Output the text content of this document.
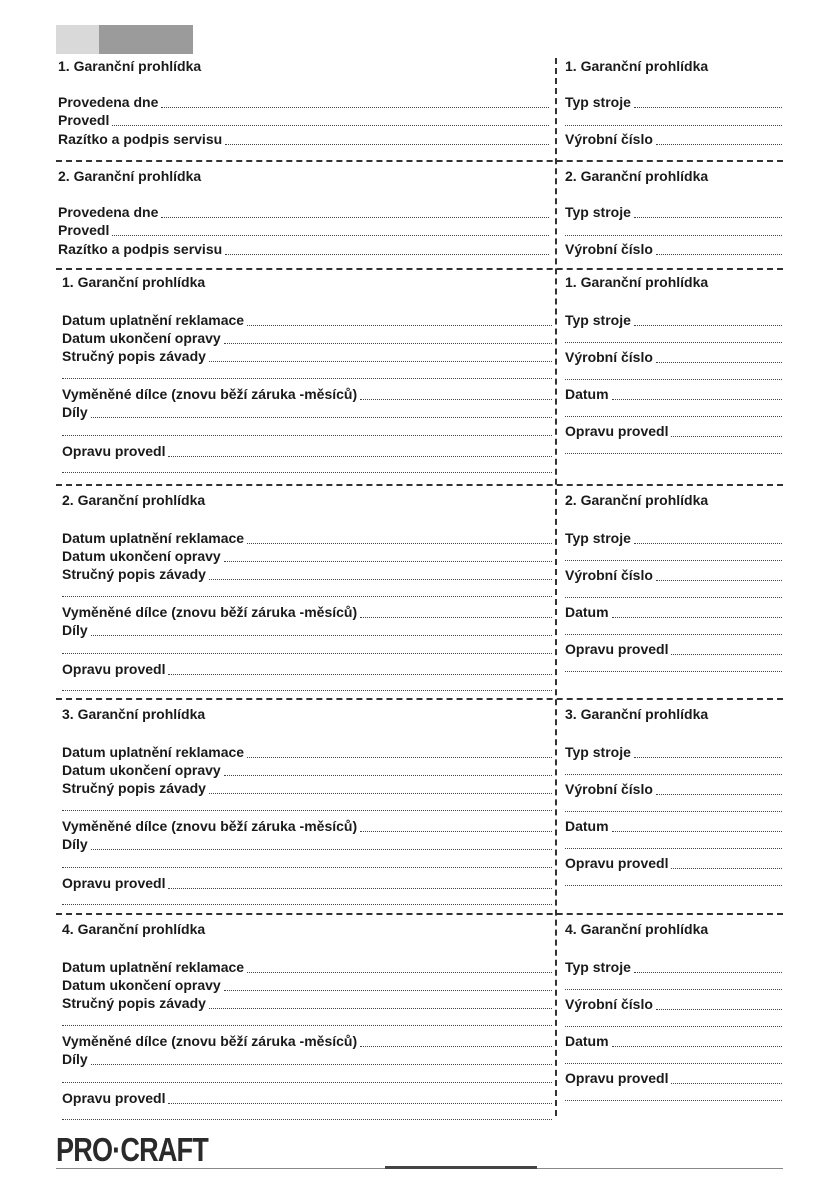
1. Garanční prohlídka
Provedena dne
Provedl
Razítko a podpis servisu
1. Garanční prohlídka
Typ stroje
Výrobní číslo
2. Garanční prohlídka
Provedena dne
Provedl
Razítko a podpis servisu
2. Garanční prohlídka
Typ stroje
Výrobní číslo
1. Garanční prohlídka
Datum uplatnění reklamace
Datum ukončení opravy
Stručný popis závady
Vyměněné dílce (znovu běží záruka -měsíců)
Díly
Opravu provedl
1. Garanční prohlídka
Typ stroje
Výrobní číslo
Datum
Opravu provedl
2. Garanční prohlídka
Datum uplatnění reklamace
Datum ukončení opravy
Stručný popis závady
Vyměněné dílce (znovu běží záruka -měsíců)
Díly
Opravu provedl
2. Garanční prohlídka
Typ stroje
Výrobní číslo
Datum
Opravu provedl
3. Garanční prohlídka
Datum uplatnění reklamace
Datum ukončení opravy
Stručný popis závady
Vyměněné dílce (znovu běží záruka -měsíců)
Díly
Opravu provedl
3. Garanční prohlídka
Typ stroje
Výrobní číslo
Datum
Opravu provedl
4. Garanční prohlídka
Datum uplatnění reklamace
Datum ukončení opravy
Stručný popis závady
Vyměněné dílce (znovu běží záruka -měsíců)
Díly
Opravu provedl
4. Garanční prohlídka
Typ stroje
Výrobní číslo
Datum
Opravu provedl
PRO·CRAFT
